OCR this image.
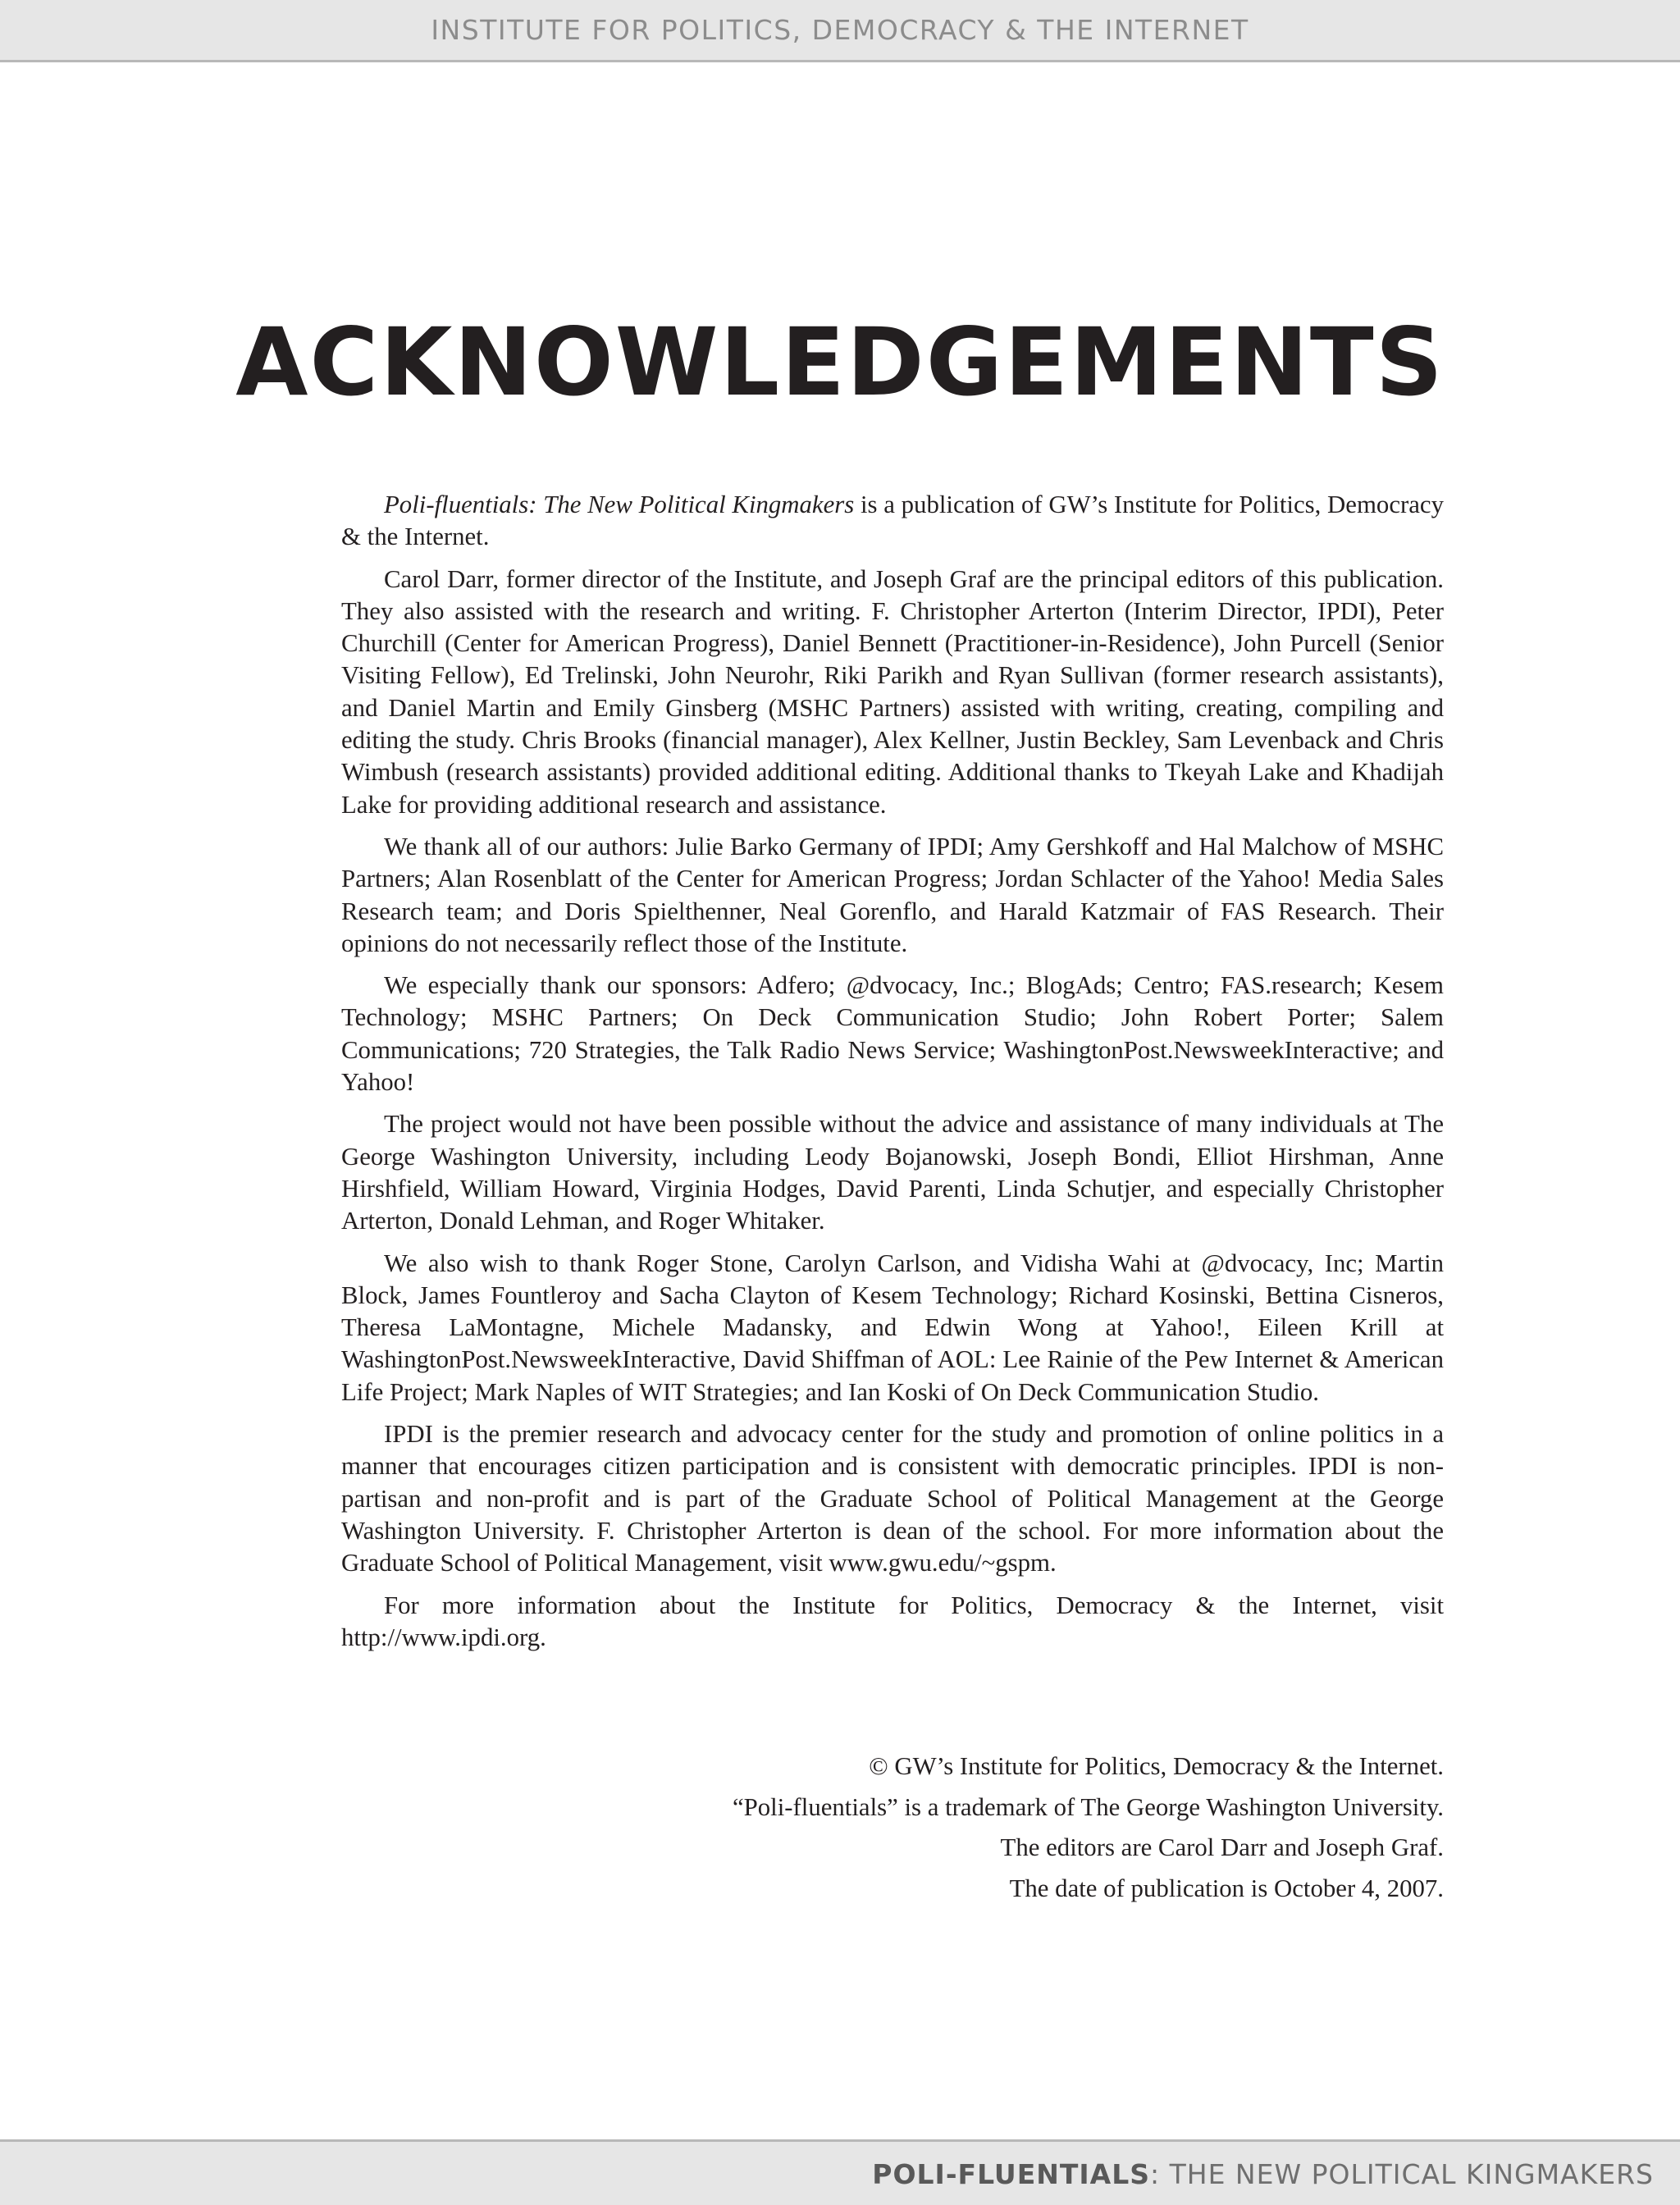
INSTITUTE FOR POLITICS, DEMOCRACY & THE INTERNET
ACKNOWLEDGEMENTS

Poli-fluentials: The New Political Kingmakers is a publication of GW’s Institute for Politics, Democracy & the Internet.

Carol Darr, former director of the Institute, and Joseph Graf are the principal editors of this publication. They also assisted with the research and writing. F. Christopher Arterton (Interim Director, IPDI), Peter Churchill (Center for American Progress), Daniel Bennett (Practitioner-in-Residence), John Purcell (Senior Visiting Fellow), Ed Trelinski, John Neurohr, Riki Parikh and Ryan Sullivan (former research assistants), and Daniel Martin and Emily Ginsberg (MSHC Partners) assisted with writing, creating, compiling and editing the study. Chris Brooks (financial manager), Alex Kellner, Justin Beckley, Sam Levenback and Chris Wimbush (research assistants) provided additional editing. Additional thanks to Tkeyah Lake and Khadijah Lake for providing additional research and assistance.

We thank all of our authors: Julie Barko Germany of IPDI; Amy Gershkoff and Hal Malchow of MSHC Partners; Alan Rosenblatt of the Center for American Progress; Jordan Schlacter of the Yahoo! Media Sales Research team; and Doris Spielthenner, Neal Gorenflo, and Harald Katzmair of FAS Research. Their opinions do not necessarily reflect those of the Institute.

We especially thank our sponsors: Adfero; @dvocacy, Inc.; BlogAds; Centro; FAS.research; Kesem Technology; MSHC Partners; On Deck Communication Studio; John Robert Porter; Salem Communications; 720 Strategies, the Talk Radio News Service; WashingtonPost.NewsweekInteractive; and Yahoo!

The project would not have been possible without the advice and assistance of many individuals at The George Washington University, including Leody Bojanowski, Joseph Bondi, Elliot Hirshman, Anne Hirshfield, William Howard, Virginia Hodges, David Parenti, Linda Schutjer, and especially Christopher Arterton, Donald Lehman, and Roger Whitaker.

We also wish to thank Roger Stone, Carolyn Carlson, and Vidisha Wahi at @dvocacy, Inc; Martin Block, James Fountleroy and Sacha Clayton of Kesem Technology; Richard Kosinski, Bettina Cisneros, Theresa LaMontagne, Michele Madansky, and Edwin Wong at Yahoo!, Eileen Krill at WashingtonPost.NewsweekInteractive, David Shiffman of AOL: Lee Rainie of the Pew Internet & American Life Project; Mark Naples of WIT Strategies; and Ian Koski of On Deck Communication Studio.

IPDI is the premier research and advocacy center for the study and promotion of online politics in a manner that encourages citizen participation and is consistent with democratic principles. IPDI is non-partisan and non-profit and is part of the Graduate School of Political Management at the George Washington University. F. Christopher Arterton is dean of the school. For more information about the Graduate School of Political Management, visit www.gwu.edu/~gspm.

For more information about the Institute for Politics, Democracy & the Internet, visit http://www.ipdi.org.

© GW’s Institute for Politics, Democracy & the Internet.
“Poli-fluentials” is a trademark of The George Washington University.
The editors are Carol Darr and Joseph Graf.
The date of publication is October 4, 2007.
POLI-FLUENTIALS: THE NEW POLITICAL KINGMAKERS
